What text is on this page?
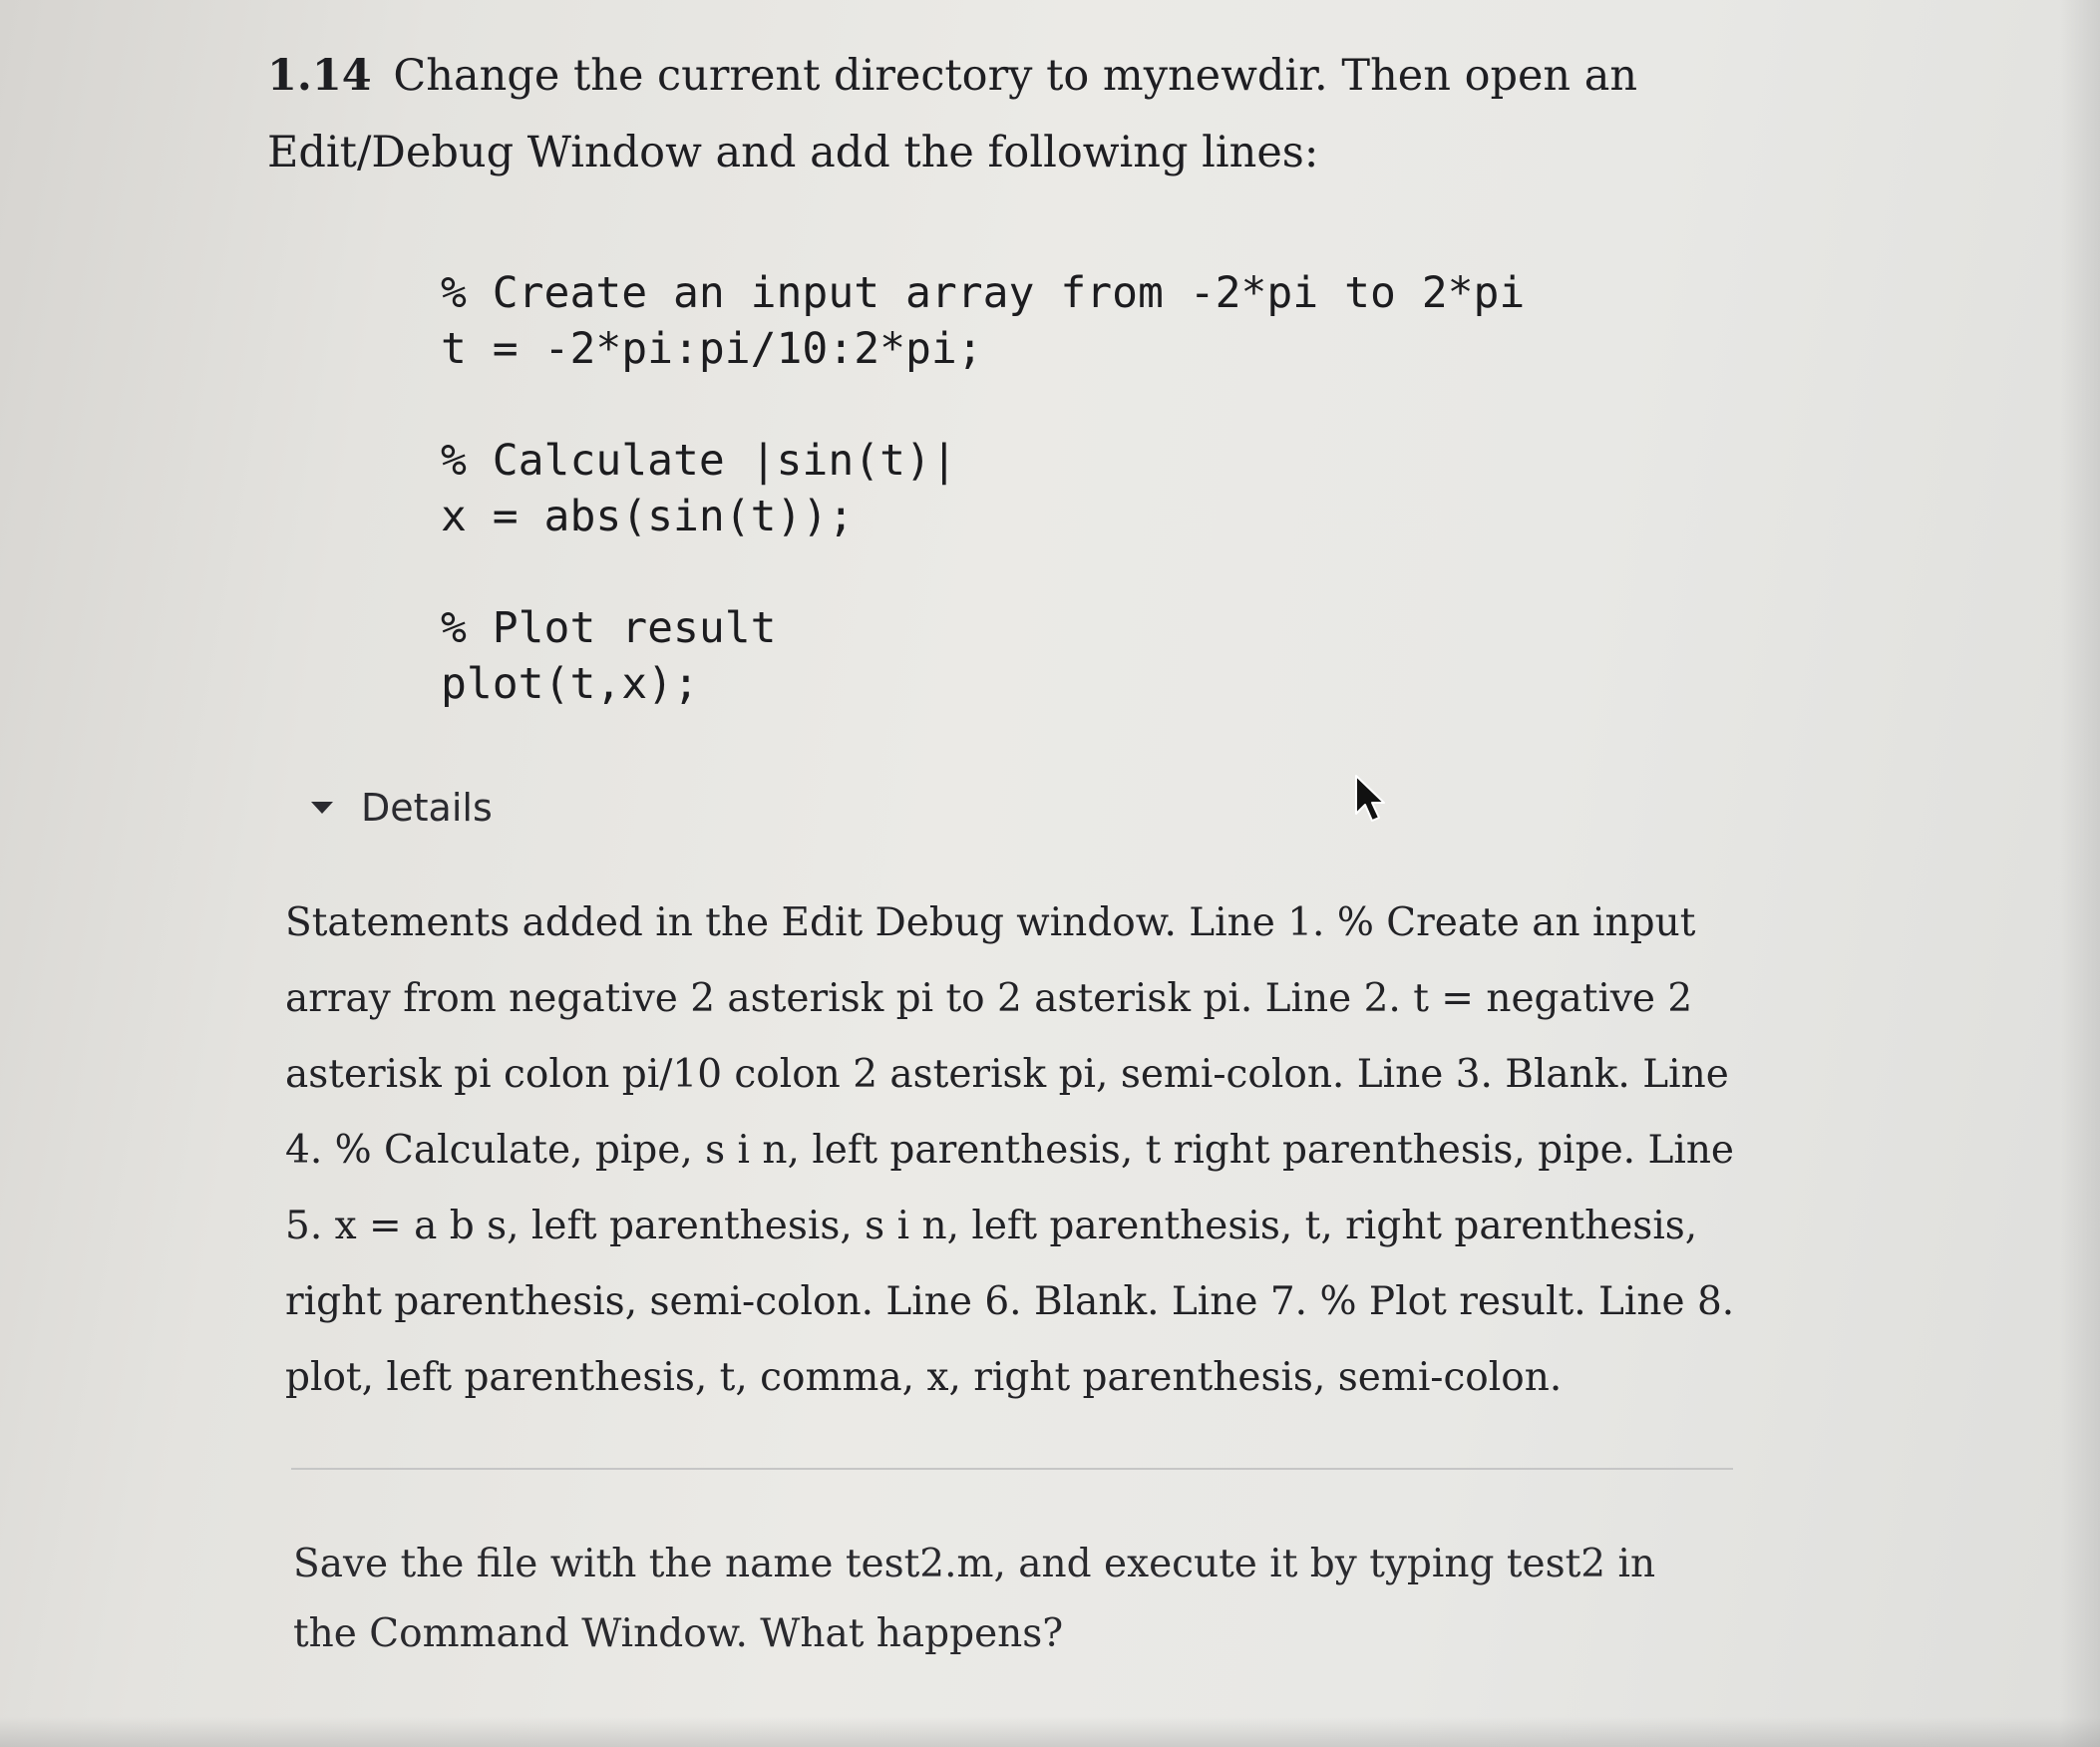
1.14 Change the current directory to mynewdir. Then open an Edit/Debug Window and add the following lines:
% Create an input array from -2*pi to 2*pi
t = -2*pi:pi/10:2*pi;
% Calculate |sin(t)|
x = abs(sin(t));
% Plot result
plot(t,x);
Details
Statements added in the Edit Debug window. Line 1. % Create an input array from negative 2 asterisk pi to 2 asterisk pi. Line 2. t = negative 2 asterisk pi colon pi/10 colon 2 asterisk pi, semi-colon. Line 3. Blank. Line 4. % Calculate, pipe, s i n, left parenthesis, t right parenthesis, pipe. Line 5. x = a b s, left parenthesis, s i n, left parenthesis, t, right parenthesis, right parenthesis, semi-colon. Line 6. Blank. Line 7. % Plot result. Line 8. plot, left parenthesis, t, comma, x, right parenthesis, semi-colon.
Save the file with the name test2.m, and execute it by typing test2 in the Command Window. What happens?
